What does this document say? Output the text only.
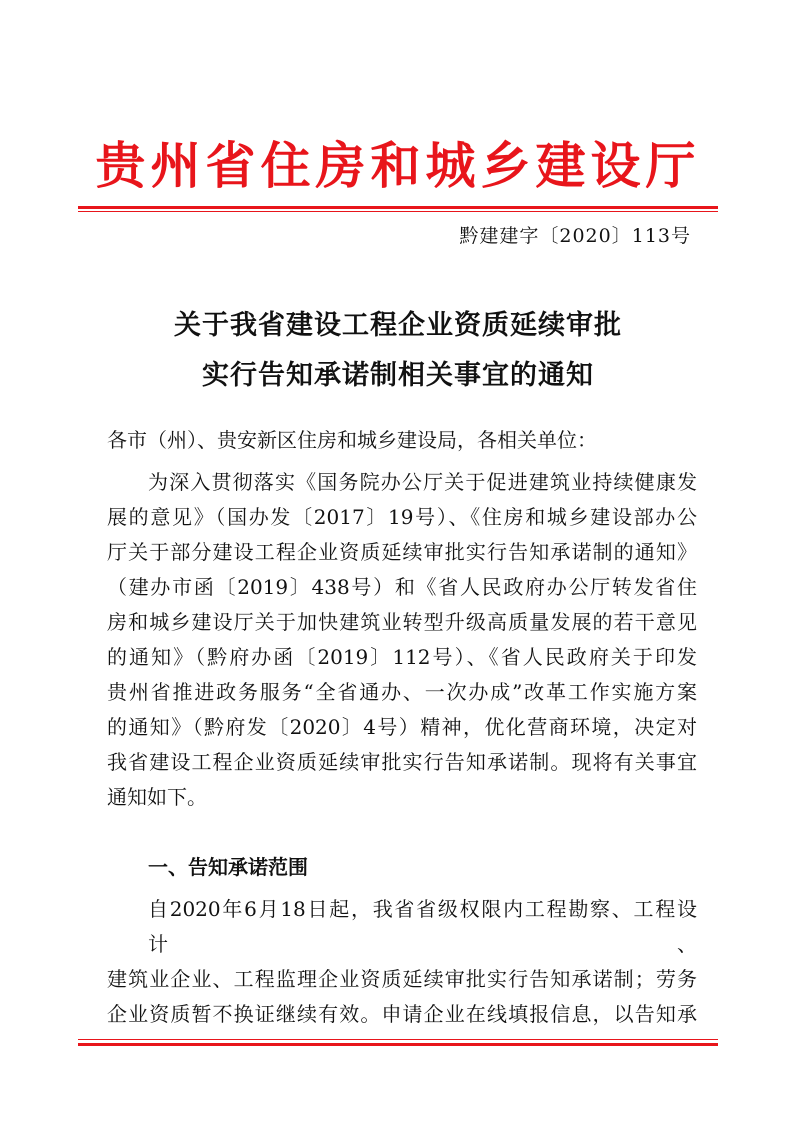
贵州省住房和城乡建设厅
黔建建字〔2020〕113号
关于我省建设工程企业资质延续审批
实行告知承诺制相关事宜的通知
各市（州）、贵安新区住房和城乡建设局，各相关单位：
为深入贯彻落实《国务院办公厅关于促进建筑业持续健康发
展的意见》（国办发〔2017〕19号）、《住房和城乡建设部办公
厅关于部分建设工程企业资质延续审批实行告知承诺制的通知》
（建办市函〔2019〕438号）和《省人民政府办公厅转发省住
房和城乡建设厅关于加快建筑业转型升级高质量发展的若干意见
的通知》（黔府办函〔2019〕112号）、《省人民政府关于印发
贵州省推进政务服务“全省通办、一次办成”改革工作实施方案
的通知》（黔府发〔2020〕4号）精神，优化营商环境，决定对
我省建设工程企业资质延续审批实行告知承诺制。现将有关事宜
通知如下。
一、告知承诺范围
自2020年6月18日起，我省省级权限内工程勘察、工程设计、
建筑业企业、工程监理企业资质延续审批实行告知承诺制；劳务
企业资质暂不换证继续有效。申请企业在线填报信息，以告知承
